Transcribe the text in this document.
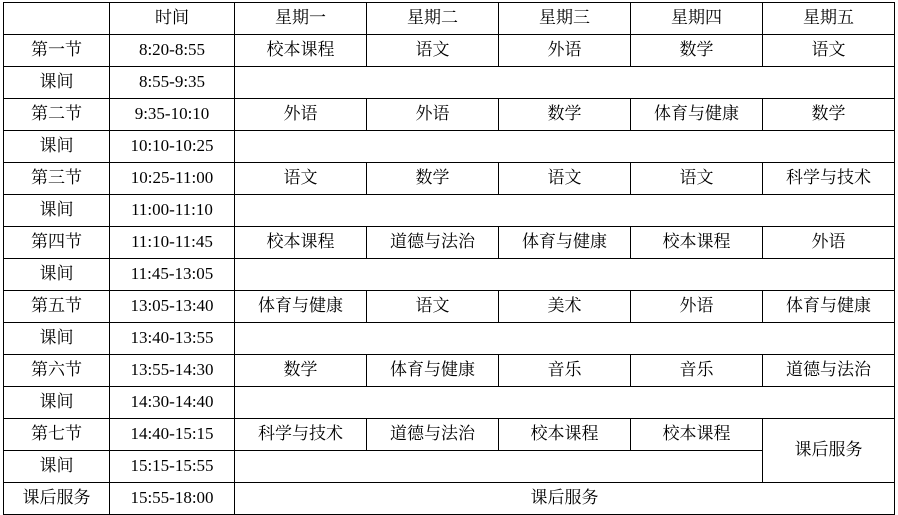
	时间	星期一	星期二	星期三	星期四	星期五
第一节	8:20-8:55	校本课程	语文	外语	数学	语文
课间	8:55-9:35					
第二节	9:35-10:10	外语	外语	数学	体育与健康	数学
课间	10:10-10:25					
第三节	10:25-11:00	语文	数学	语文	语文	科学与技术
课间	11:00-11:10					
第四节	11:10-11:45	校本课程	道德与法治	体育与健康	校本课程	外语
课间	11:45-13:05					
第五节	13:05-13:40	体育与健康	语文	美术	外语	体育与健康
课间	13:40-13:55					
第六节	13:55-14:30	数学	体育与健康	音乐	音乐	道德与法治
课间	14:30-14:40					
第七节	14:40-15:15	科学与技术	道德与法治	校本课程	校本课程	课后服务
课间	15:15-15:55					
课后服务	15:55-18:00	课后服务				
